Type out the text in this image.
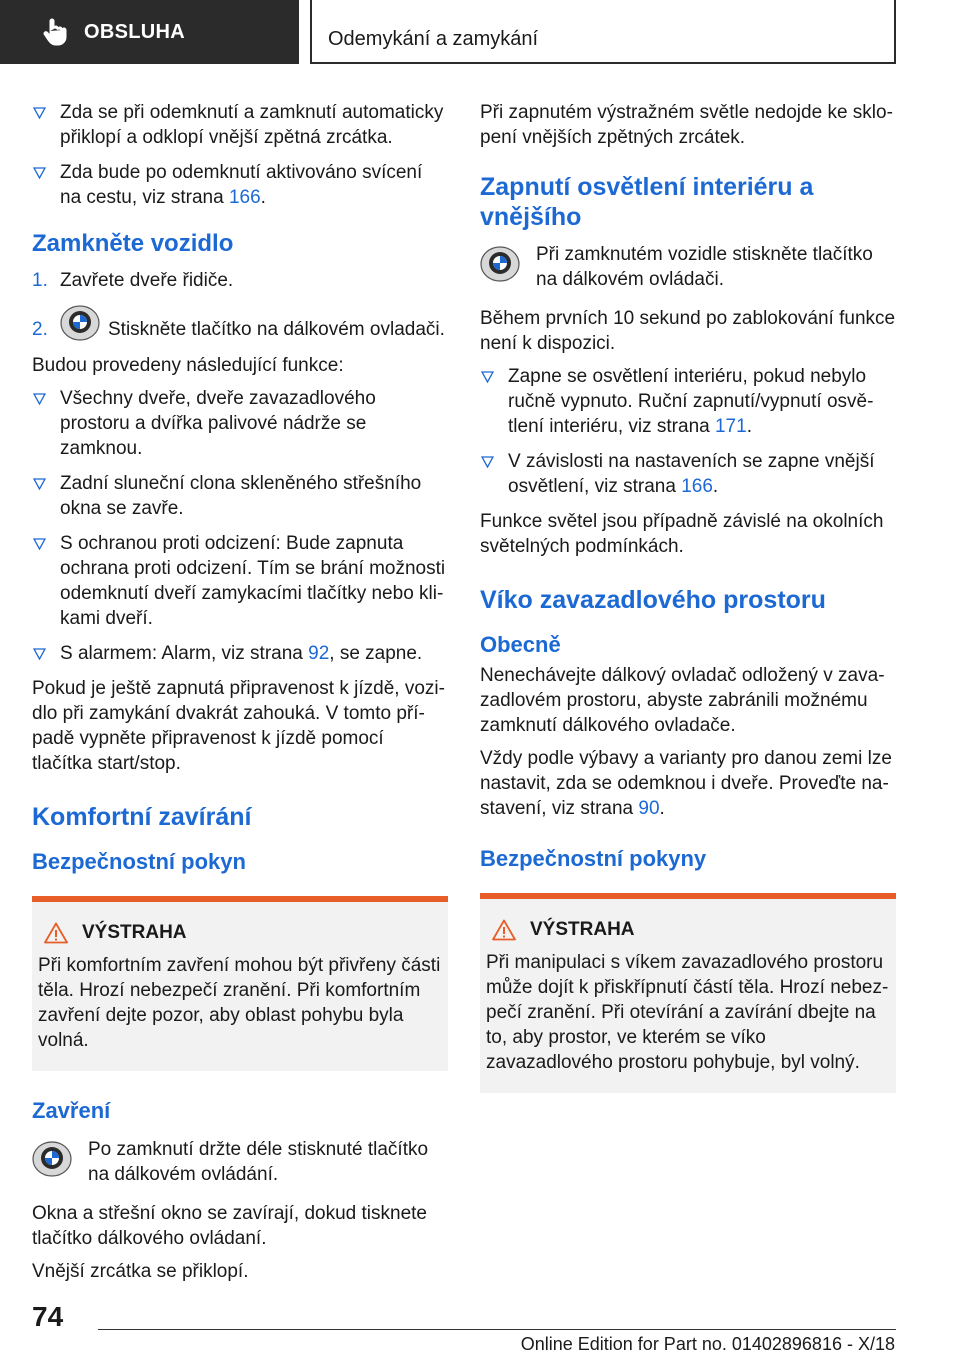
OBSLUHA	Odemykání a zamykání
Zda se při odemknutí a zamknutí automaticky přiklopí a odklopí vnější zpětná zrcátka.
Zda bude po odemknutí aktivováno svícení na cestu, viz strana 166.
Zamkněte vozidlo
1. Zavřete dveře řidiče.
2.	Stiskněte tlačítko na dálkovém ovladači.

Budou provedeny následující funkce:

Všechny dveře, dveře zavazadlového prostoru a dvířka palivové nádrže se zamknou.
Zadní sluneční clona skleněného střešního okna se zavře.
S ochranou proti odcizení: Bude zapnuta ochrana proti odcizení. Tím se brání možnosti odemknutí dveří zamykacími tlačítky nebo klikami dveří.
S alarmem: Alarm, viz strana 92, se zapne.

Pokud je ještě zapnutá připravenost k jízdě, vozidlo při zamykání dvakrát zahouká. V tomto případě vypněte připravenost k jízdě pomocí tlačítka start/stop.

Komfortní zavírání
Bezpečnostní pokyn
VÝSTRAHA
Při komfortním zavření mohou být přivřeny části těla. Hrozí nebezpečí zranění. Při komfortním zavření dejte pozor, aby oblast pohybu byla volná.
Zavření
Po zamknutí držte déle stisknuté tlačítko na dálkovém ovládání.

Okna a střešní okno se zavírají, dokud tisknete tlačítko dálkového ovládaní.

Vnější zrcátka se přiklopí.

Při zapnutém výstražném světle nedojde ke sklopení vnějších zpětných zrcátek.

Zapnutí osvětlení interiéru a vnějšího
Při zamknutém vozidle stiskněte tlačítko na dálkovém ovládači.

Během prvních 10 sekund po zablokování funkce není k dispozici.

Zapne se osvětlení interiéru, pokud nebylo ručně vypnuto. Ruční zapnutí/vypnutí osvětlení interiéru, viz strana 171.
V závislosti na nastaveních se zapne vnější osvětlení, viz strana 166.

Funkce světel jsou případně závislé na okolních světelných podmínkách.

Víko zavazadlového prostoru
Obecně

Nenechávejte dálkový ovladač odložený v zavazadlovém prostoru, abyste zabránili možnému zamknutí dálkového ovladače.

Vždy podle výbavy a varianty pro danou zemi lze nastavit, zda se odemknou i dveře. Proveďte nastavení, viz strana 90.

Bezpečnostní pokyny
VÝSTRAHA
Při manipulaci s víkem zavazadlového prostoru může dojít k přiskřípnutí částí těla. Hrozí nebezpečí zranění. Při otevírání a zavírání dbejte na to, aby prostor, ve kterém se víko zavazadlového prostoru pohybuje, byl volný.
74
Online Edition for Part no. 01402896816 - X/18
